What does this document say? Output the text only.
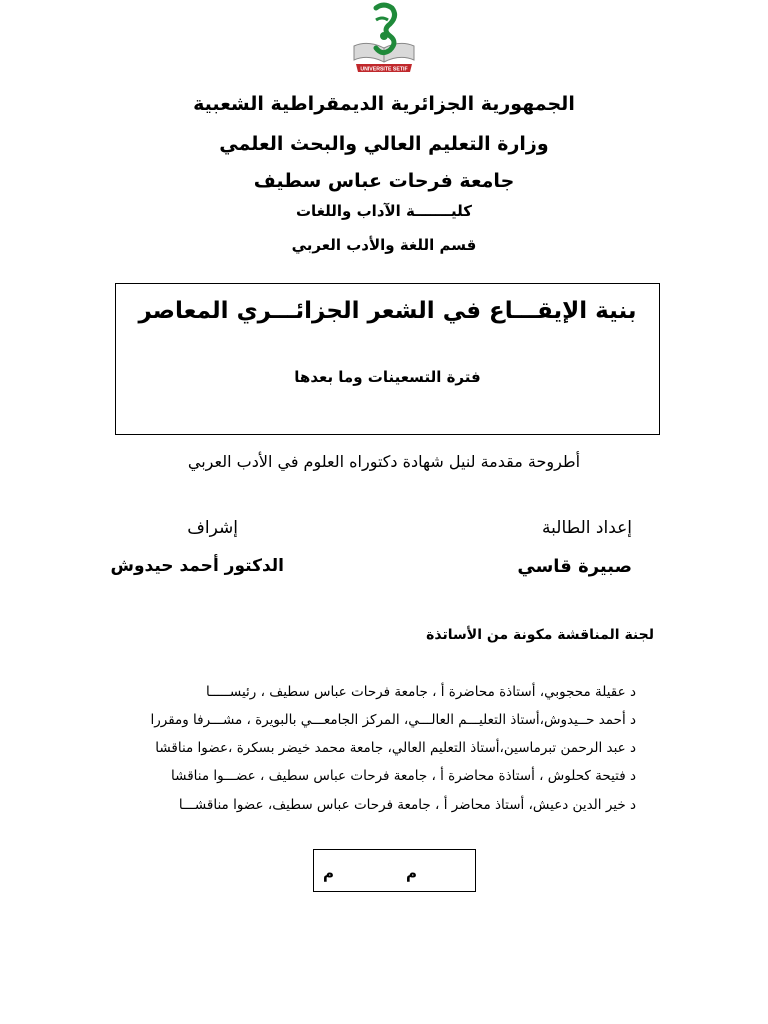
UNIVERSITE SETIF
الجمهورية الجزائرية الديمقراطية الشعبية
وزارة التعليم العالي والبحث العلمي
جامعة فرحات عباس سطيف
كليـــــــة الآداب واللغات
قسم اللغة والأدب العربي
بنية الإيقـــاع في الشعر الجزائـــري المعاصر
فترة التسعينات وما بعدها
أطروحة مقدمة لنيل شهادة دكتوراه العلوم في الأدب العربي
إعداد الطالبة
إشراف
صبيرة قاسي
الدكتور أحمد حيدوش
لجنة المناقشة مكونة من الأساتذة
د عقيلة محجوبي، أستاذة محاضرة أ ، جامعة فرحات عباس سطيف ، رئيســـــا
د أحمد حــيدوش،أستاذ التعليـــم العالـــي، المركز الجامعـــي بالبويرة ، مشـــرفا ومقررا
د عبد الرحمن تبرماسين،أستاذ التعليم العالي، جامعة محمد خيضر بسكرة ،عضوا مناقشا
د فتيحة كحلوش ، أستاذة محاضرة أ ، جامعة فرحات عباس سطيف ، عضـــوا مناقشا
د خير الدين دعيش، أستاذ محاضر أ ، جامعة فرحات عباس سطيف، عضوا مناقشـــا
م
م
